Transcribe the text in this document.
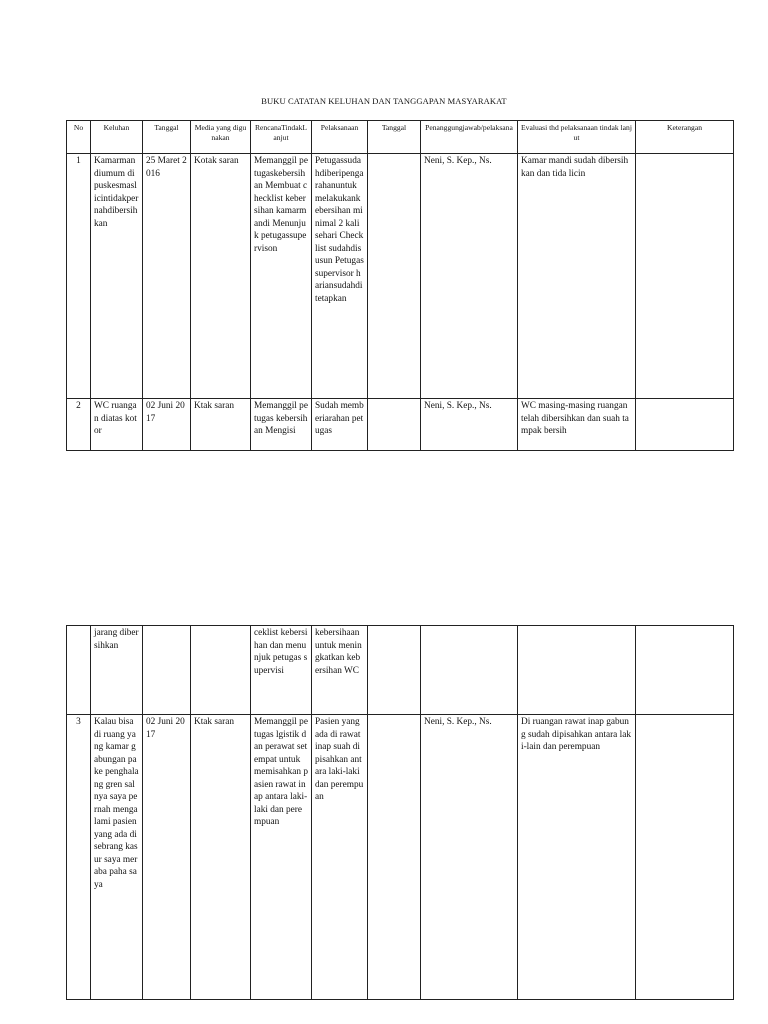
BUKU CATATAN KELUHAN DAN TANGGAPAN MASYARAKAT
No	Keluhan	Tanggal	Media yang digunakan	RencanaTindakLanjut	Pelaksanaan	Tanggal	Penanggungjawab/pelaksana	Evaluasi thd pelaksanaan tindak lanjut	Keterangan
1	Kamarmandiumum di puskesmaslicintidakpernahdibersihkan	25 Maret 2016	Kotak saran	Memanggil petugaskebersihan Membuat checklist kebersihan kamarmandi Menunjuk petugassupervison	Petugassudahdiberipengarahanuntukmelakukankebersihan minimal 2 kali sehari Check list sudahdisusun Petugas supervisor hariansudahditetapkan		Neni, S. Kep., Ns.	Kamar mandi sudah dibersihkan dan tida licin	
2	WC ruangan diatas kotor	02 Juni 2017	Ktak saran	Memanggil petugas kebersihan Mengisi	Sudah memberiarahan petugas		Neni, S. Kep., Ns.	WC masing-masing ruangan telah dibersihkan dan suah tampak bersih	
	jarang dibersihkan			ceklist kebersihan dan menunjuk petugas supervisi	kebersihaan untuk meningkatkan kebersihan WC				
3	Kalau bisa di ruang yang kamar gabungan pake penghalang gren salnya saya pernah mengalami pasien yang ada disebrang kasur saya meraba paha saya	02 Juni 2017	Ktak saran	Memanggil petugas lgistik dan perawat setempat untuk memisahkan pasien rawat inap antara laki-laki dan perempuan	Pasien yang ada di rawat inap suah dipisahkan antara laki-laki dan perempuan		Neni, S. Kep., Ns.	Di ruangan rawat inap gabung sudah dipisahkan antara laki-lain dan perempuan	
